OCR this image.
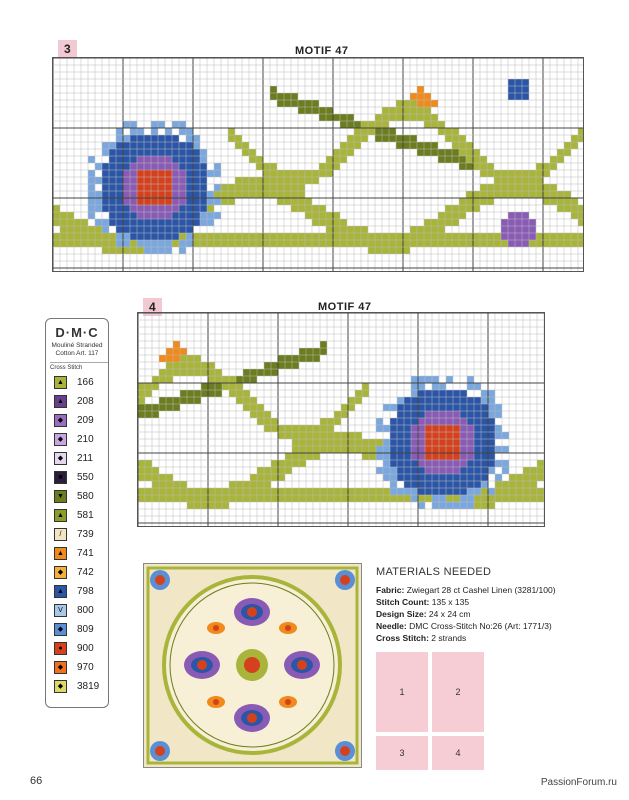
3	MOTIF 47
4	MOTIF 47
D·M·C
Mouliné Stranded Cotton Art. 117
Cross Stitch
▲	166
▲	208
◆	209
◆	210
◆	211
■	550
▼	580
▲	581
/	739
▲	741
◆	742
▲	798
V	800
◆	809
●	900
◆	970
◆	3819
MATERIALS NEEDED
Fabric: Zwiegart 28 ct Cashel Linen (3281/100)
Stitch Count: 135 x 135
Design Size: 24 x 24 cm
Needle: DMC Cross-Stitch No:26 (Art: 1771/3)
Cross Stitch: 2 strands
1	2
3	4
66	PassionForum.ru
